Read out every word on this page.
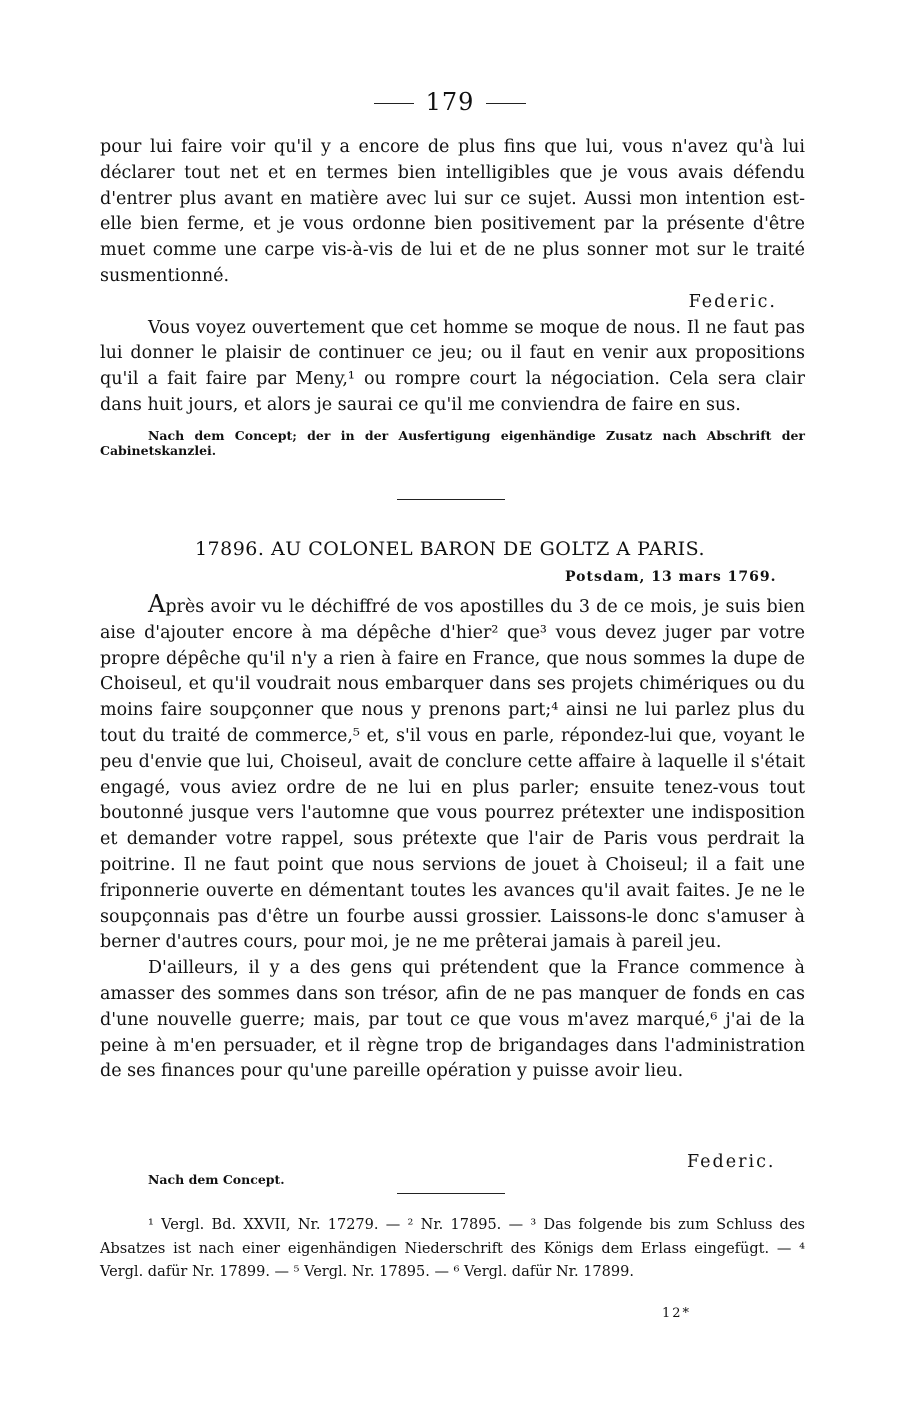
179

pour lui faire voir qu'il y a encore de plus fins que lui, vous n'avez qu'à lui déclarer tout net et en termes bien intelligibles que je vous avais défendu d'entrer plus avant en matière avec lui sur ce sujet. Aussi mon intention est-elle bien ferme, et je vous ordonne bien positivement par la présente d'être muet comme une carpe vis-à-vis de lui et de ne plus sonner mot sur le traité susmentionné.

Federic.

Vous voyez ouvertement que cet homme se moque de nous. Il ne faut pas lui donner le plaisir de continuer ce jeu; ou il faut en venir aux propositions qu'il a fait faire par Meny,¹ ou rompre court la négociation. Cela sera clair dans huit jours, et alors je saurai ce qu'il me conviendra de faire en sus.

Nach dem Concept; der in der Ausfertigung eigenhändige Zusatz nach Abschrift der Cabinetskanzlei.

17896. AU COLONEL BARON DE GOLTZ A PARIS.
Potsdam, 13 mars 1769.

Après avoir vu le déchiffré de vos apostilles du 3 de ce mois, je suis bien aise d'ajouter encore à ma dépêche d'hier² que³ vous devez juger par votre propre dépêche qu'il n'y a rien à faire en France, que nous sommes la dupe de Choiseul, et qu'il voudrait nous embarquer dans ses projets chimériques ou du moins faire soupçonner que nous y prenons part;⁴ ainsi ne lui parlez plus du tout du traité de commerce,⁵ et, s'il vous en parle, répondez-lui que, voyant le peu d'envie que lui, Choiseul, avait de conclure cette affaire à laquelle il s'était engagé, vous aviez ordre de ne lui en plus parler; ensuite tenez-vous tout boutonné jusque vers l'automne que vous pourrez prétexter une indisposition et demander votre rappel, sous prétexte que l'air de Paris vous perdrait la poitrine. Il ne faut point que nous servions de jouet à Choiseul; il a fait une friponnerie ouverte en démentant toutes les avances qu'il avait faites. Je ne le soupçonnais pas d'être un fourbe aussi grossier. Laissons-le donc s'amuser à berner d'autres cours, pour moi, je ne me prêterai jamais à pareil jeu.

D'ailleurs, il y a des gens qui prétendent que la France commence à amasser des sommes dans son trésor, afin de ne pas manquer de fonds en cas d'une nouvelle guerre; mais, par tout ce que vous m'avez marqué,⁶ j'ai de la peine à m'en persuader, et il règne trop de brigandages dans l'administration de ses finances pour qu'une pareille opération y puisse avoir lieu.

Federic.
Nach dem Concept.

¹ Vergl. Bd. XXVII, Nr. 17279. — ² Nr. 17895. — ³ Das folgende bis zum Schluss des Absatzes ist nach einer eigenhändigen Niederschrift des Königs dem Erlass eingefügt. — ⁴ Vergl. dafür Nr. 17899. — ⁵ Vergl. Nr. 17895. — ⁶ Vergl. dafür Nr. 17899.

12*
